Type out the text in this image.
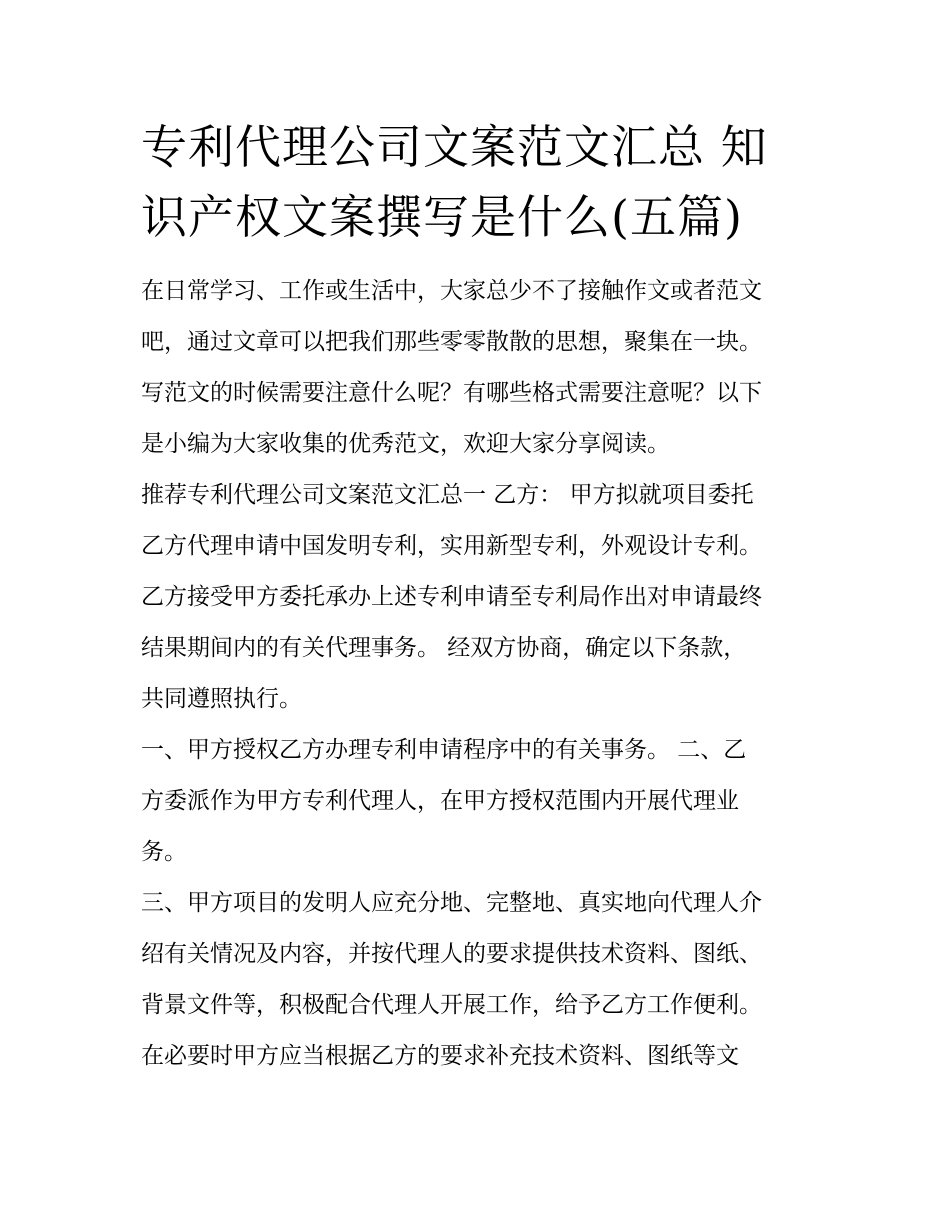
专利代理公司文案范文汇总 知
识产权文案撰写是什么(五篇)

在日常学习、工作或生活中，大家总少不了接触作文或者范文
吧，通过文章可以把我们那些零零散散的思想，聚集在一块。
写范文的时候需要注意什么呢？有哪些格式需要注意呢？以下
是小编为大家收集的优秀范文，欢迎大家分享阅读。

推荐专利代理公司文案范文汇总一 乙方： 甲方拟就项目委托
乙方代理申请中国发明专利，实用新型专利，外观设计专利。
乙方接受甲方委托承办上述专利申请至专利局作出对申请最终
结果期间内的有关代理事务。 经双方协商，确定以下条款，
共同遵照执行。

一、甲方授权乙方办理专利申请程序中的有关事务。 二、乙
方委派作为甲方专利代理人，在甲方授权范围内开展代理业
务。

三、甲方项目的发明人应充分地、完整地、真实地向代理人介
绍有关情况及内容，并按代理人的要求提供技术资料、图纸、
背景文件等，积极配合代理人开展工作，给予乙方工作便利。
在必要时甲方应当根据乙方的要求补充技术资料、图纸等文
